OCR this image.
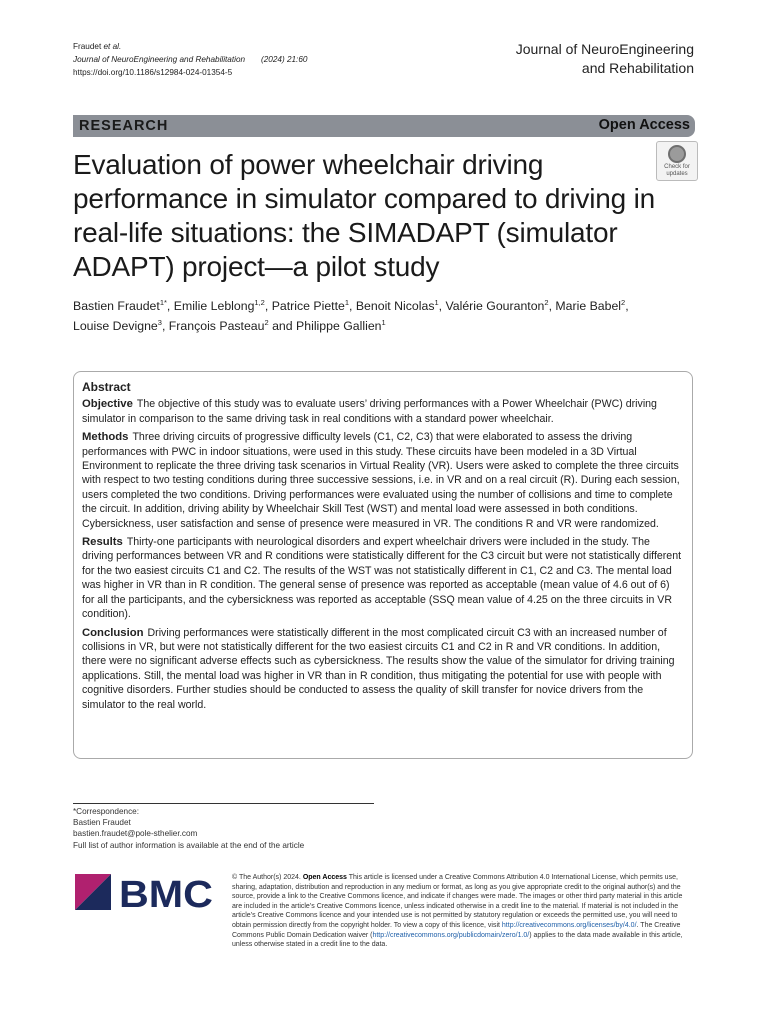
Fraudet et al.
Journal of NeuroEngineering and Rehabilitation (2024) 21:60
https://doi.org/10.1186/s12984-024-01354-5
Journal of NeuroEngineering
and Rehabilitation
RESEARCH	Open Access
Evaluation of power wheelchair driving performance in simulator compared to driving in real-life situations: the SIMADAPT (simulator ADAPT) project—a pilot study
Check for
updates
Bastien Fraudet$^{1*}$, Emilie Leblong$^{1,2}$, Patrice Piette$^1$, Benoit Nicolas$^1$, Valérie Gouranton$^2$, Marie Babel$^2$,
Louise Devigne$^3$, François Pasteau$^2$ and Philippe Gallien$^1$
Abstract

Objective The objective of this study was to evaluate users’ driving performances with a Power Wheelchair (PWC) driving simulator in comparison to the same driving task in real conditions with a standard power wheelchair.

Methods Three driving circuits of progressive difficulty levels (C1, C2, C3) that were elaborated to assess the driving performances with PWC in indoor situations, were used in this study. These circuits have been modeled in a 3D Virtual Environment to replicate the three driving task scenarios in Virtual Reality (VR). Users were asked to complete the three circuits with respect to two testing conditions during three successive sessions, i.e. in VR and on a real circuit (R). During each session, users completed the two conditions. Driving performances were evaluated using the number of collisions and time to complete the circuit. In addition, driving ability by Wheelchair Skill Test (WST) and mental load were assessed in both conditions. Cybersickness, user satisfaction and sense of presence were measured in VR. The conditions R and VR were randomized.

Results Thirty-one participants with neurological disorders and expert wheelchair drivers were included in the study. The driving performances between VR and R conditions were statistically different for the C3 circuit but were not statistically different for the two easiest circuits C1 and C2. The results of the WST was not statistically different in C1, C2 and C3. The mental load was higher in VR than in R condition. The general sense of presence was reported as acceptable (mean value of 4.6 out of 6) for all the participants, and the cybersickness was reported as acceptable (SSQ mean value of 4.25 on the three circuits in VR condition).

Conclusion Driving performances were statistically different in the most complicated circuit C3 with an increased number of collisions in VR, but were not statistically different for the two easiest circuits C1 and C2 in R and VR conditions. In addition, there were no significant adverse effects such as cybersickness. The results show the value of the simulator for driving training applications. Still, the mental load was higher in VR than in R condition, thus mitigating the potential for use with people with cognitive disorders. Further studies should be conducted to assess the quality of skill transfer for novice drivers from the simulator to the real world.

*Correspondence:
Bastien Fraudet
bastien.fraudet@pole-sthelier.com
Full list of author information is available at the end of the article
BMC	© The Author(s) 2024. Open Access This article is licensed under a Creative Commons Attribution 4.0 International License, which permits use, sharing, adaptation, distribution and reproduction in any medium or format, as long as you give appropriate credit to the original author(s) and the source, provide a link to the Creative Commons licence, and indicate if changes were made. The images or other third party material in this article are included in the article’s Creative Commons licence, unless indicated otherwise in a credit line to the material. If material is not included in the article’s Creative Commons licence and your intended use is not permitted by statutory regulation or exceeds the permitted use, you will need to obtain permission directly from the copyright holder. To view a copy of this licence, visit http://creativecommons.org/licenses/by/4.0/. The Creative Commons Public Domain Dedication waiver (http://creativecommons.org/publicdomain/zero/1.0/) applies to the data made available in this article, unless otherwise stated in a credit line to the data.
